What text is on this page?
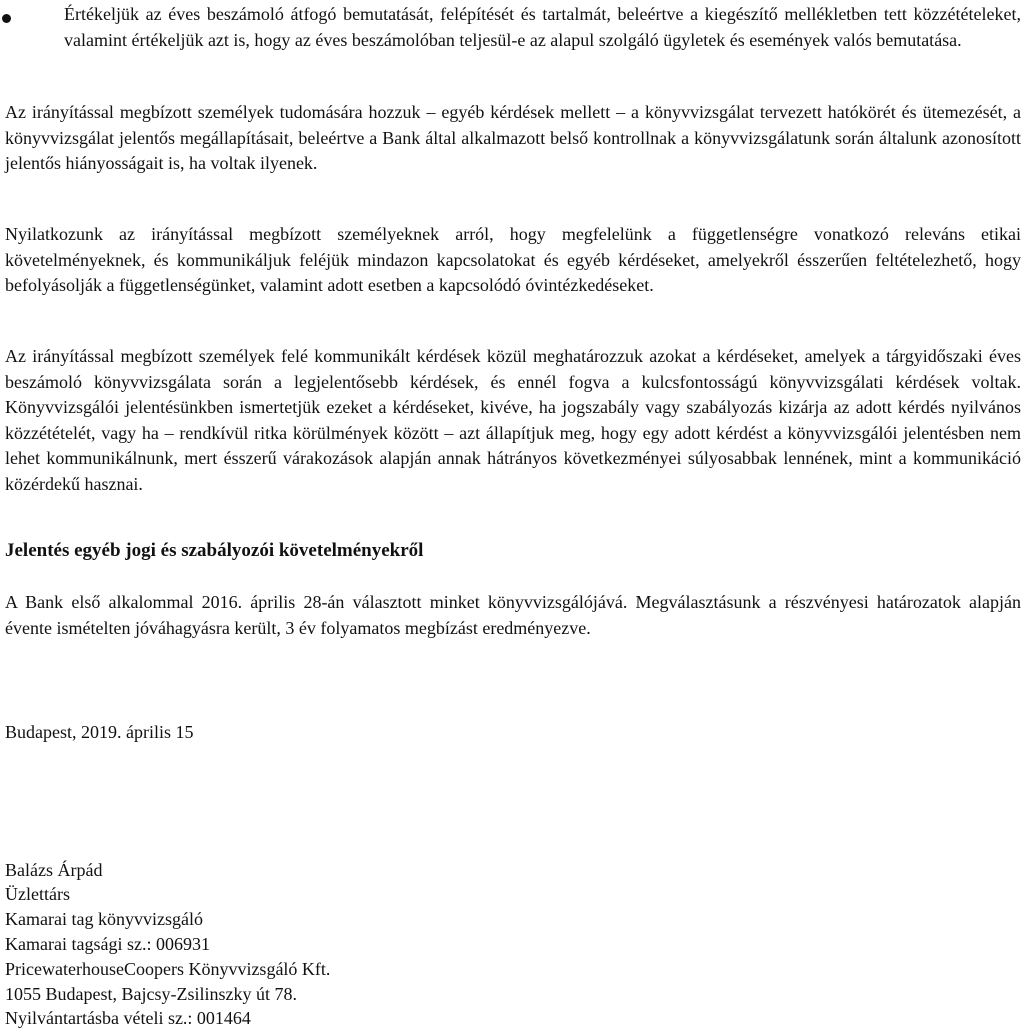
Értékeljük az éves beszámoló átfogó bemutatását, felépítését és tartalmát, beleértve a kiegészítő mellékletben tett közzétételeket, valamint értékeljük azt is, hogy az éves beszámolóban teljesül-e az alapul szolgáló ügyletek és események valós bemutatása.

Az irányítással megbízott személyek tudomására hozzuk – egyéb kérdések mellett – a könyvvizsgálat tervezett hatókörét és ütemezését, a könyvvizsgálat jelentős megállapításait, beleértve a Bank által alkalmazott belső kontrollnak a könyvvizsgálatunk során általunk azonosított jelentős hiányosságait is, ha voltak ilyenek.

Nyilatkozunk az irányítással megbízott személyeknek arról, hogy megfelelünk a függetlenségre vonatkozó releváns etikai követelményeknek, és kommunikáljuk feléjük mindazon kapcsolatokat és egyéb kérdéseket, amelyekről ésszerűen feltételezhető, hogy befolyásolják a függetlenségünket, valamint adott esetben a kapcsolódó óvintézkedéseket.

Az irányítással megbízott személyek felé kommunikált kérdések közül meghatározzuk azokat a kérdéseket, amelyek a tárgyidőszaki éves beszámoló könyvvizsgálata során a legjelentősebb kérdések, és ennél fogva a kulcsfontosságú könyvvizsgálati kérdések voltak. Könyvvizsgálói jelentésünkben ismertetjük ezeket a kérdéseket, kivéve, ha jogszabály vagy szabályozás kizárja az adott kérdés nyilvános közzétételét, vagy ha – rendkívül ritka körülmények között – azt állapítjuk meg, hogy egy adott kérdést a könyvvizsgálói jelentésben nem lehet kommunikálnunk, mert ésszerű várakozások alapján annak hátrányos következményei súlyosabbak lennének, mint a kommunikáció közérdekű hasznai.

Jelentés egyéb jogi és szabályozói követelményekről

A Bank első alkalommal 2016. április 28-án választott minket könyvvizsgálójává. Megválasztásunk a részvényesi határozatok alapján évente ismételten jóváhagyásra került, 3 év folyamatos megbízást eredményezve.

Budapest, 2019. április 15

Balázs Árpád

Üzlettárs

Kamarai tag könyvvizsgáló

Kamarai tagsági sz.: 006931

PricewaterhouseCoopers Könyvvizsgáló Kft.

1055 Budapest, Bajcsy-Zsilinszky út 78.

Nyilvántartásba vételi sz.: 001464
